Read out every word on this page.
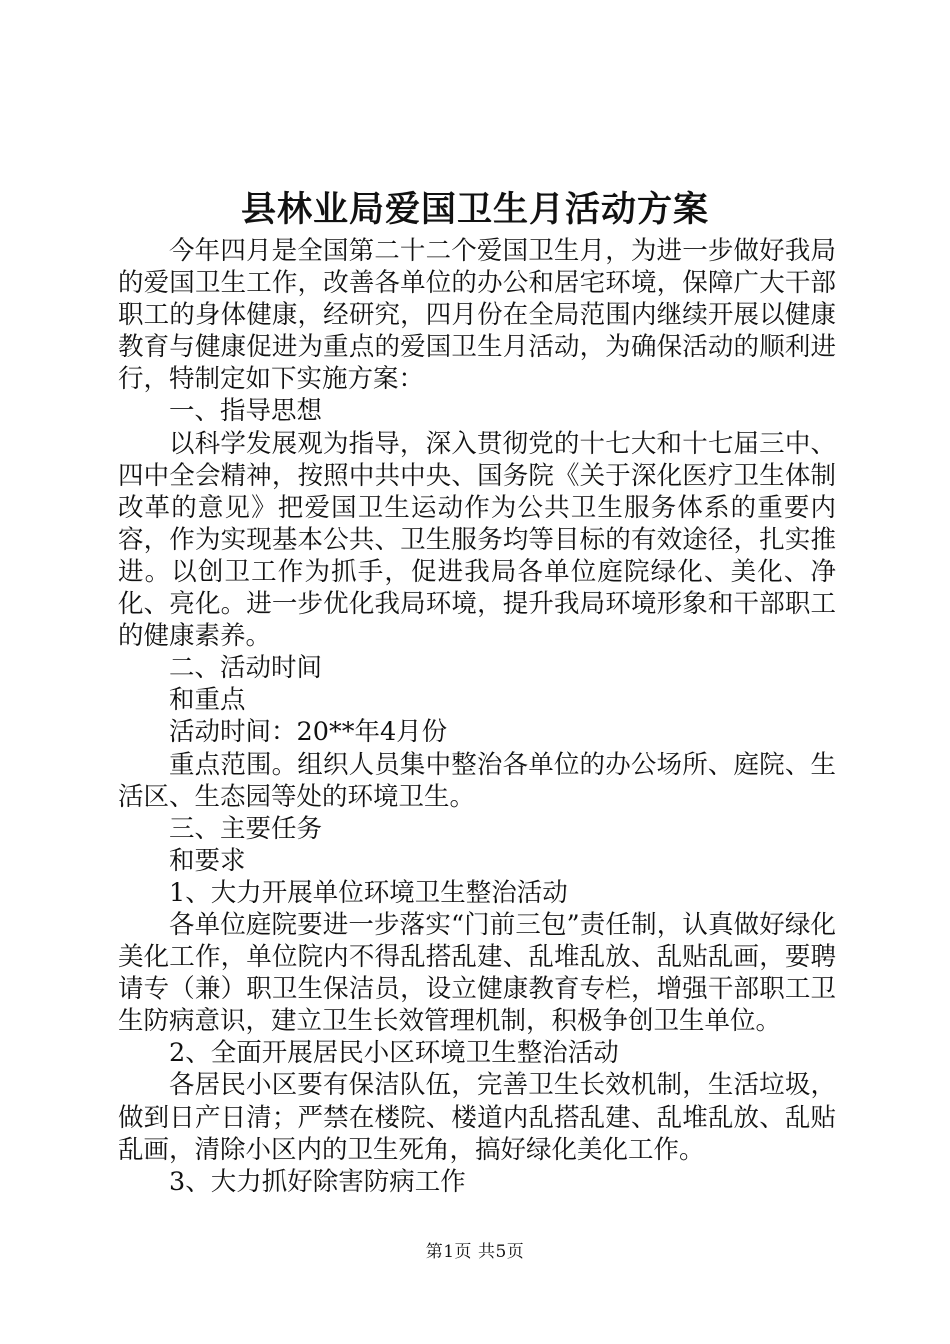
县林业局爱国卫生月活动方案

今年四月是全国第二十二个爱国卫生月，为进一步做好我局的爱国卫生工作，改善各单位的办公和居宅环境，保障广大干部职工的身体健康，经研究，四月份在全局范围内继续开展以健康教育与健康促进为重点的爱国卫生月活动，为确保活动的顺利进行，特制定如下实施方案：

一、指导思想

以科学发展观为指导，深入贯彻党的十七大和十七届三中、四中全会精神，按照中共中央、国务院《关于深化医疗卫生体制改革的意见》把爱国卫生运动作为公共卫生服务体系的重要内容，作为实现基本公共、卫生服务均等目标的有效途径，扎实推进。以创卫工作为抓手，促进我局各单位庭院绿化、美化、净化、亮化。进一步优化我局环境，提升我局环境形象和干部职工的健康素养。

二、活动时间

和重点

活动时间：20**年4月份

重点范围。组织人员集中整治各单位的办公场所、庭院、生活区、生态园等处的环境卫生。

三、主要任务

和要求

1、大力开展单位环境卫生整治活动

各单位庭院要进一步落实“门前三包”责任制，认真做好绿化美化工作，单位院内不得乱搭乱建、乱堆乱放、乱贴乱画，要聘请专（兼）职卫生保洁员，设立健康教育专栏，增强干部职工卫生防病意识，建立卫生长效管理机制，积极争创卫生单位。

2、全面开展居民小区环境卫生整治活动

各居民小区要有保洁队伍，完善卫生长效机制，生活垃圾，做到日产日清；严禁在楼院、楼道内乱搭乱建、乱堆乱放、乱贴乱画，清除小区内的卫生死角，搞好绿化美化工作。

3、大力抓好除害防病工作

第1页 共5页
